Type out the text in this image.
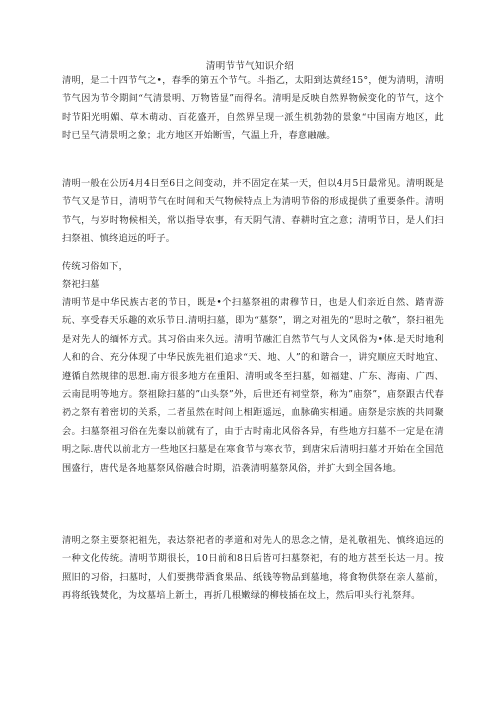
清明节节气知识介绍

清明，是二十四节气之•，春季的第五个节气。斗指乙，太阳到达黄经15°，便为清明，清明节气因为节令期间“气清景明、万物皆显”而得名。清明是反映自然界物候变化的节气，这个时节阳光明媚、草木萌动、百花盛开，自然界呈现一派生机勃勃的景象“中国南方地区，此时已呈气清景明之象；北方地区开始断雪，气温上升，春意融融。

清明一般在公历4月4日至6日之间变动，并不固定在某一天，但以4月5日最常见。清明既是节气又是节日，清明节气在时间和天气物候特点上为清明节俗的形成提供了重要条件。清明节气，与岁时物候相关，常以指导农事，有天阴气清、春耕时宜之意；清明节日，是人们扫扫祭祖、慎终追远的吁子。

传统习俗如下，

祭祀扫墓

清明节是中华民族古老的节日，既是•个扫墓祭祖的肃穆节日，也是人们亲近自然、踏青游玩、享受春天乐趣的欢乐节日.清明扫墓，即为“墓祭”，谓之对祖先的“思时之敬”，祭扫祖先是对先人的缅怀方式。其习俗由来久远。清明节融汇自然节气与人文风俗为•体.是天时地利人和的合、充分体现了中华民族先祖们追求“天、地、人”的和谐合一，讲究顺应天时地宜、遵循自然规律的思想.南方很多地方在重阳、清明或冬至扫墓，如福建、广东、海南、广西、云南昆明等地方。祭祖除扫墓的”山头祭”外，后世还有祠堂祭，称为”庙祭”，庙祭跟古代春礽之祭有着密切的关系，二者虽然在时间上相距遥远，血脉确实相通。庙祭是宗族的共同聚会。扫墓祭祖习俗在先秦以前就有了，由于古时南北风俗各异，有些地方扫墓不一定是在清明之际.唐代以前北方一些地区扫墓是在寒食节与寒衣节，到唐宋后清明扫墓才开始在全国范围盛行，唐代是各地墓祭风俗融合时期，沿袭清明墓祭风俗，并扩大到全国各地。

清明之祭主要祭祀祖先，表达祭祀者的孝道和对先人的思念之情，是礼敬祖先、慎终追远的一种文化传统。清明节期很长，10日前和8日后皆可扫墓祭祀，有的地方甚至长达一月。按照旧的习俗，扫墓时，人们要携带酒食果品、纸钱等物品到墓地，将食物供祭在亲人墓前，再将纸钱焚化，为坟墓培上新土，再折几根嫩绿的柳枝插在坟上，然后叩头行礼祭拜。
